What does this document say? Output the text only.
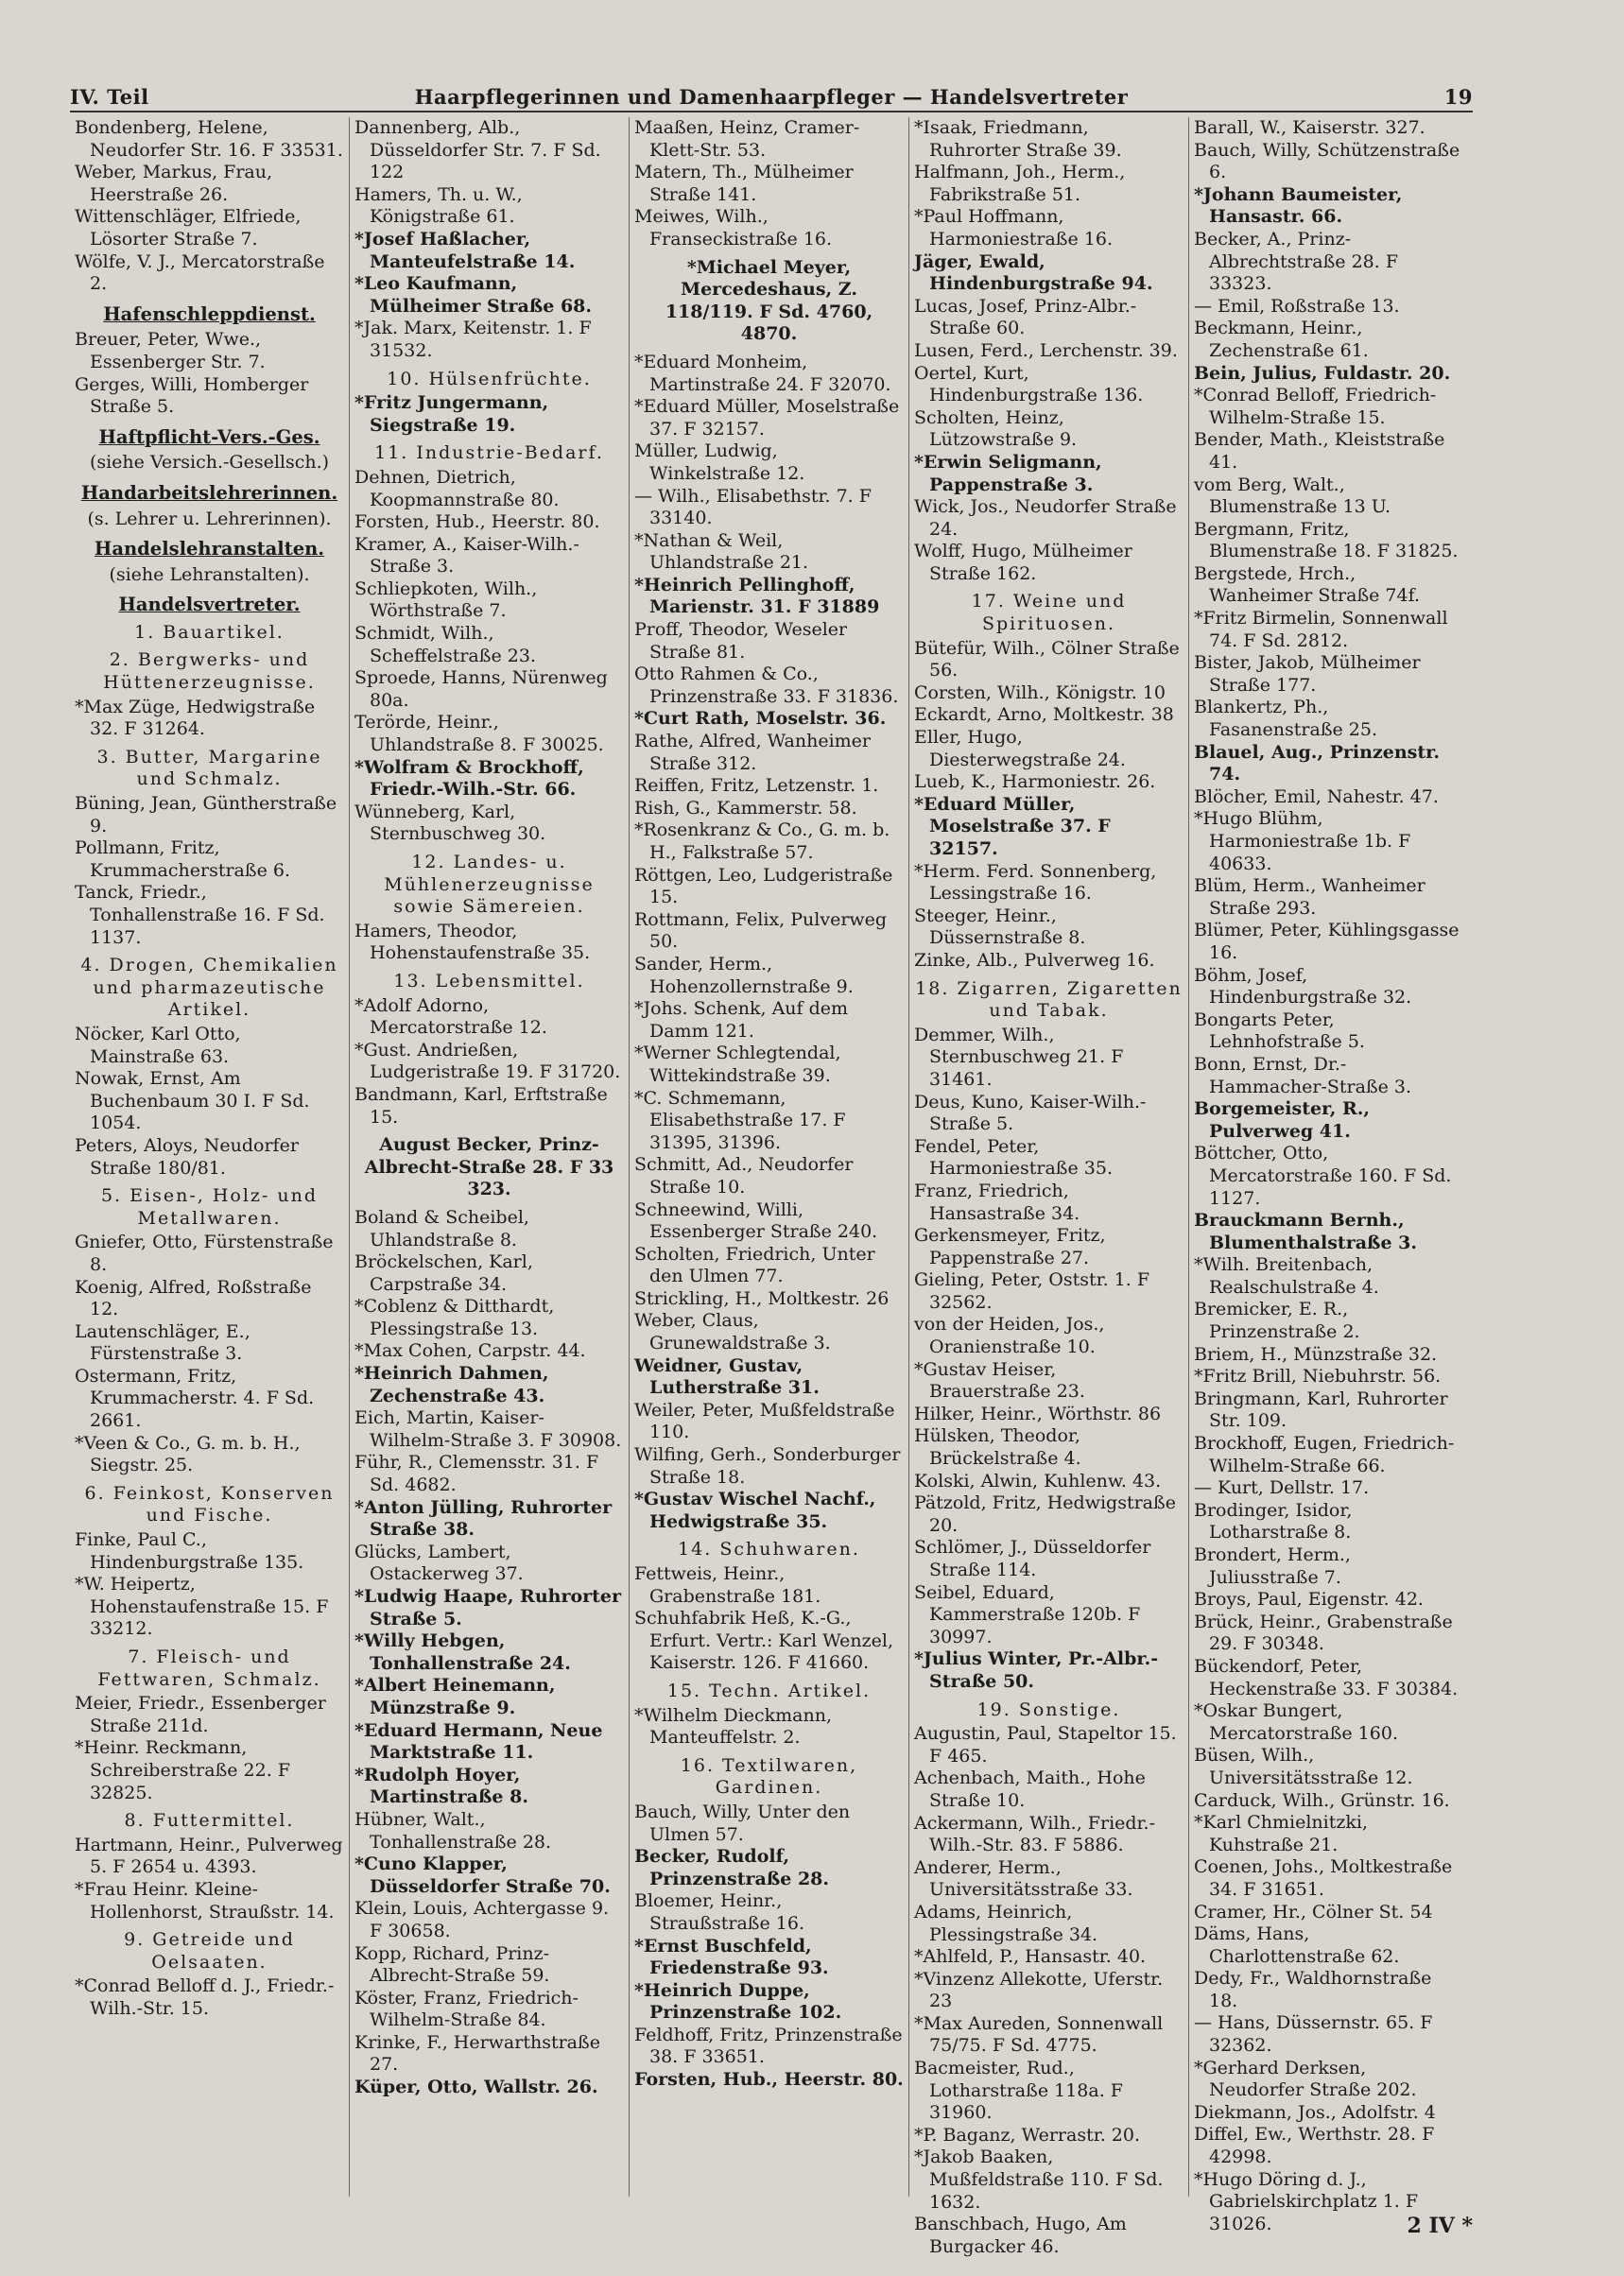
IV. Teil	Haarpflegerinnen und Damenhaarpfleger — Handelsvertreter	19

Bondenberg, Helene, Neudorfer Str. 16. F 33531.

Weber, Markus, Frau, Heerstraße 26.

Wittenschläger, Elfriede, Lösorter Straße 7.

Wölfe, V. J., Mercatorstraße 2.

Hafenschleppdienst.

Breuer, Peter, Wwe., Essenberger Str. 7.

Gerges, Willi, Homberger Straße 5.

Haftpflicht-Vers.-Ges.

(siehe Versich.-Gesellsch.)

Handarbeitslehrerinnen.

(s. Lehrer u. Lehrerinnen).

Handelslehranstalten.

(siehe Lehranstalten).

Handelsvertreter.

1. Bauartikel.

2. Bergwerks- und Hüttenerzeugnisse.

*Max Züge, Hedwigstraße 32. F 31264.

3. Butter, Margarine und Schmalz.

Büning, Jean, Güntherstraße 9.

Pollmann, Fritz, Krummacherstraße 6.

Tanck, Friedr., Tonhallenstraße 16. F Sd. 1137.

4. Drogen, Chemikalien und pharmazeutische Artikel.

Nöcker, Karl Otto, Mainstraße 63.

Nowak, Ernst, Am Buchenbaum 30 I. F Sd. 1054.

Peters, Aloys, Neudorfer Straße 180/81.

5. Eisen-, Holz- und Metallwaren.

Gniefer, Otto, Fürstenstraße 8.

Koenig, Alfred, Roßstraße 12.

Lautenschläger, E., Fürstenstraße 3.

Ostermann, Fritz, Krummacherstr. 4. F Sd. 2661.

*Veen & Co., G. m. b. H., Siegstr. 25.

6. Feinkost, Konserven und Fische.

Finke, Paul C., Hindenburgstraße 135.

*W. Heipertz, Hohenstaufenstraße 15. F 33212.

7. Fleisch- und Fettwaren, Schmalz.

Meier, Friedr., Essenberger Straße 211d.

*Heinr. Reckmann, Schreiberstraße 22. F 32825.

8. Futtermittel.

Hartmann, Heinr., Pulverweg 5. F 2654 u. 4393.

*Frau Heinr. Kleine-Hollenhorst, Straußstr. 14.

9. Getreide und Oelsaaten.

*Conrad Belloff d. J., Friedr.-Wilh.-Str. 15.

Dannenberg, Alb., Düsseldorfer Str. 7. F Sd. 122

Hamers, Th. u. W., Königstraße 61.

*Josef Haßlacher, Manteufelstraße 14.

*Leo Kaufmann, Mülheimer Straße 68.

*Jak. Marx, Keitenstr. 1. F 31532.

10. Hülsenfrüchte.

*Fritz Jungermann, Siegstraße 19.

11. Industrie-Bedarf.

Dehnen, Dietrich, Koopmannstraße 80.

Forsten, Hub., Heerstr. 80.

Kramer, A., Kaiser-Wilh.-Straße 3.

Schliepkoten, Wilh., Wörthstraße 7.

Schmidt, Wilh., Scheffelstraße 23.

Sproede, Hanns, Nürenweg 80a.

Terörde, Heinr., Uhlandstraße 8. F 30025.

*Wolfram & Brockhoff, Friedr.-Wilh.-Str. 66.

Wünneberg, Karl, Sternbuschweg 30.

12. Landes- u. Mühlenerzeugnisse sowie Sämereien.

Hamers, Theodor, Hohenstaufenstraße 35.

13. Lebensmittel.

*Adolf Adorno, Mercatorstraße 12.

*Gust. Andrießen, Ludgeristraße 19. F 31720.

Bandmann, Karl, Erftstraße 15.

August Becker, Prinz-Albrecht-Straße 28. F 33 323.

Boland & Scheibel, Uhlandstraße 8.

Bröckelschen, Karl, Carpstraße 34.

*Coblenz & Ditthardt, Plessingstraße 13.

*Max Cohen, Carpstr. 44.

*Heinrich Dahmen, Zechenstraße 43.

Eich, Martin, Kaiser-Wilhelm-Straße 3. F 30908.

Führ, R., Clemensstr. 31. F Sd. 4682.

*Anton Jülling, Ruhrorter Straße 38.

Glücks, Lambert, Ostackerweg 37.

*Ludwig Haape, Ruhrorter Straße 5.

*Willy Hebgen, Tonhallenstraße 24.

*Albert Heinemann, Münzstraße 9.

*Eduard Hermann, Neue Marktstraße 11.

*Rudolph Hoyer, Martinstraße 8.

Hübner, Walt., Tonhallenstraße 28.

*Cuno Klapper, Düsseldorfer Straße 70.

Klein, Louis, Achtergasse 9. F 30658.

Kopp, Richard, Prinz-Albrecht-Straße 59.

Köster, Franz, Friedrich-Wilhelm-Straße 84.

Krinke, F., Herwarthstraße 27.

Küper, Otto, Wallstr. 26.

Maaßen, Heinz, Cramer-Klett-Str. 53.

Matern, Th., Mülheimer Straße 141.

Meiwes, Wilh., Franseckistraße 16.

*Michael Meyer, Mercedeshaus, Z. 118/119. F Sd. 4760, 4870.

*Eduard Monheim, Martinstraße 24. F 32070.

*Eduard Müller, Moselstraße 37. F 32157.

Müller, Ludwig, Winkelstraße 12.

— Wilh., Elisabethstr. 7. F 33140.

*Nathan & Weil, Uhlandstraße 21.

*Heinrich Pellinghoff, Marienstr. 31. F 31889

Proff, Theodor, Weseler Straße 81.

Otto Rahmen & Co., Prinzenstraße 33. F 31836.

*Curt Rath, Moselstr. 36.

Rathe, Alfred, Wanheimer Straße 312.

Reiffen, Fritz, Letzenstr. 1.

Rish, G., Kammerstr. 58.

*Rosenkranz & Co., G. m. b. H., Falkstraße 57.

Röttgen, Leo, Ludgeristraße 15.

Rottmann, Felix, Pulverweg 50.

Sander, Herm., Hohenzollernstraße 9.

*Johs. Schenk, Auf dem Damm 121.

*Werner Schlegtendal, Wittekindstraße 39.

*C. Schmemann, Elisabethstraße 17. F 31395, 31396.

Schmitt, Ad., Neudorfer Straße 10.

Schneewind, Willi, Essenberger Straße 240.

Scholten, Friedrich, Unter den Ulmen 77.

Strickling, H., Moltkestr. 26

Weber, Claus, Grunewaldstraße 3.

Weidner, Gustav, Lutherstraße 31.

Weiler, Peter, Mußfeldstraße 110.

Wilfing, Gerh., Sonderburger Straße 18.

*Gustav Wischel Nachf., Hedwigstraße 35.

14. Schuhwaren.

Fettweis, Heinr., Grabenstraße 181.

Schuhfabrik Heß, K.-G., Erfurt. Vertr.: Karl Wenzel, Kaiserstr. 126. F 41660.

15. Techn. Artikel.

*Wilhelm Dieckmann, Manteuffelstr. 2.

16. Textilwaren, Gardinen.

Bauch, Willy, Unter den Ulmen 57.

Becker, Rudolf, Prinzenstraße 28.

Bloemer, Heinr., Straußstraße 16.

*Ernst Buschfeld, Friedenstraße 93.

*Heinrich Duppe, Prinzenstraße 102.

Feldhoff, Fritz, Prinzenstraße 38. F 33651.

Forsten, Hub., Heerstr. 80.

*Isaak, Friedmann, Ruhrorter Straße 39.

Halfmann, Joh., Herm., Fabrikstraße 51.

*Paul Hoffmann, Harmoniestraße 16.

Jäger, Ewald, Hindenburgstraße 94.

Lucas, Josef, Prinz-Albr.-Straße 60.

Lusen, Ferd., Lerchenstr. 39.

Oertel, Kurt, Hindenburgstraße 136.

Scholten, Heinz, Lützowstraße 9.

*Erwin Seligmann, Pappenstraße 3.

Wick, Jos., Neudorfer Straße 24.

Wolff, Hugo, Mülheimer Straße 162.

17. Weine und Spirituosen.

Bütefür, Wilh., Cölner Straße 56.

Corsten, Wilh., Königstr. 10

Eckardt, Arno, Moltkestr. 38

Eller, Hugo, Diesterwegstraße 24.

Lueb, K., Harmoniestr. 26.

*Eduard Müller, Moselstraße 37. F 32157.

*Herm. Ferd. Sonnenberg, Lessingstraße 16.

Steeger, Heinr., Düssernstraße 8.

Zinke, Alb., Pulverweg 16.

18. Zigarren, Zigaretten und Tabak.

Demmer, Wilh., Sternbuschweg 21. F 31461.

Deus, Kuno, Kaiser-Wilh.-Straße 5.

Fendel, Peter, Harmoniestraße 35.

Franz, Friedrich, Hansastraße 34.

Gerkensmeyer, Fritz, Pappenstraße 27.

Gieling, Peter, Oststr. 1. F 32562.

von der Heiden, Jos., Oranienstraße 10.

*Gustav Heiser, Brauerstraße 23.

Hilker, Heinr., Wörthstr. 86

Hülsken, Theodor, Brückelstraße 4.

Kolski, Alwin, Kuhlenw. 43.

Pätzold, Fritz, Hedwigstraße 20.

Schlömer, J., Düsseldorfer Straße 114.

Seibel, Eduard, Kammerstraße 120b. F 30997.

*Julius Winter, Pr.-Albr.-Straße 50.

19. Sonstige.

Augustin, Paul, Stapeltor 15. F 465.

Achenbach, Maith., Hohe Straße 10.

Ackermann, Wilh., Friedr.-Wilh.-Str. 83. F 5886.

Anderer, Herm., Universitätsstraße 33.

Adams, Heinrich, Plessingstraße 34.

*Ahlfeld, P., Hansastr. 40.

*Vinzenz Allekotte, Uferstr. 23

*Max Aureden, Sonnenwall 75/75. F Sd. 4775.

Bacmeister, Rud., Lotharstraße 118a. F 31960.

*P. Baganz, Werrastr. 20.

*Jakob Baaken, Mußfeldstraße 110. F Sd. 1632.

Banschbach, Hugo, Am Burgacker 46.

Barall, W., Kaiserstr. 327.

Bauch, Willy, Schützenstraße 6.

*Johann Baumeister, Hansastr. 66.

Becker, A., Prinz-Albrechtstraße 28. F 33323.

— Emil, Roßstraße 13.

Beckmann, Heinr., Zechenstraße 61.

Bein, Julius, Fuldastr. 20.

*Conrad Belloff, Friedrich-Wilhelm-Straße 15.

Bender, Math., Kleiststraße 41.

vom Berg, Walt., Blumenstraße 13 U.

Bergmann, Fritz, Blumenstraße 18. F 31825.

Bergstede, Hrch., Wanheimer Straße 74f.

*Fritz Birmelin, Sonnenwall 74. F Sd. 2812.

Bister, Jakob, Mülheimer Straße 177.

Blankertz, Ph., Fasanenstraße 25.

Blauel, Aug., Prinzenstr. 74.

Blöcher, Emil, Nahestr. 47.

*Hugo Blühm, Harmoniestraße 1b. F 40633.

Blüm, Herm., Wanheimer Straße 293.

Blümer, Peter, Kühlingsgasse 16.

Böhm, Josef, Hindenburgstraße 32.

Bongarts Peter, Lehnhofstraße 5.

Bonn, Ernst, Dr.-Hammacher-Straße 3.

Borgemeister, R., Pulverweg 41.

Böttcher, Otto, Mercatorstraße 160. F Sd. 1127.

Brauckmann Bernh., Blumenthalstraße 3.

*Wilh. Breitenbach, Realschulstraße 4.

Bremicker, E. R., Prinzenstraße 2.

Briem, H., Münzstraße 32.

*Fritz Brill, Niebuhrstr. 56.

Bringmann, Karl, Ruhrorter Str. 109.

Brockhoff, Eugen, Friedrich-Wilhelm-Straße 66.

— Kurt, Dellstr. 17.

Brodinger, Isidor, Lotharstraße 8.

Brondert, Herm., Juliusstraße 7.

Broys, Paul, Eigenstr. 42.

Brück, Heinr., Grabenstraße 29. F 30348.

Bückendorf, Peter, Heckenstraße 33. F 30384.

*Oskar Bungert, Mercatorstraße 160.

Büsen, Wilh., Universitätsstraße 12.

Carduck, Wilh., Grünstr. 16.

*Karl Chmielnitzki, Kuhstraße 21.

Coenen, Johs., Moltkestraße 34. F 31651.

Cramer, Hr., Cölner St. 54

Däms, Hans, Charlottenstraße 62.

Dedy, Fr., Waldhornstraße 18.

— Hans, Düssernstr. 65. F 32362.

*Gerhard Derksen, Neudorfer Straße 202.

Diekmann, Jos., Adolfstr. 4

Diffel, Ew., Werthstr. 28. F 42998.

*Hugo Döring d. J., Gabrielskirchplatz 1. F 31026.	2 IV *
